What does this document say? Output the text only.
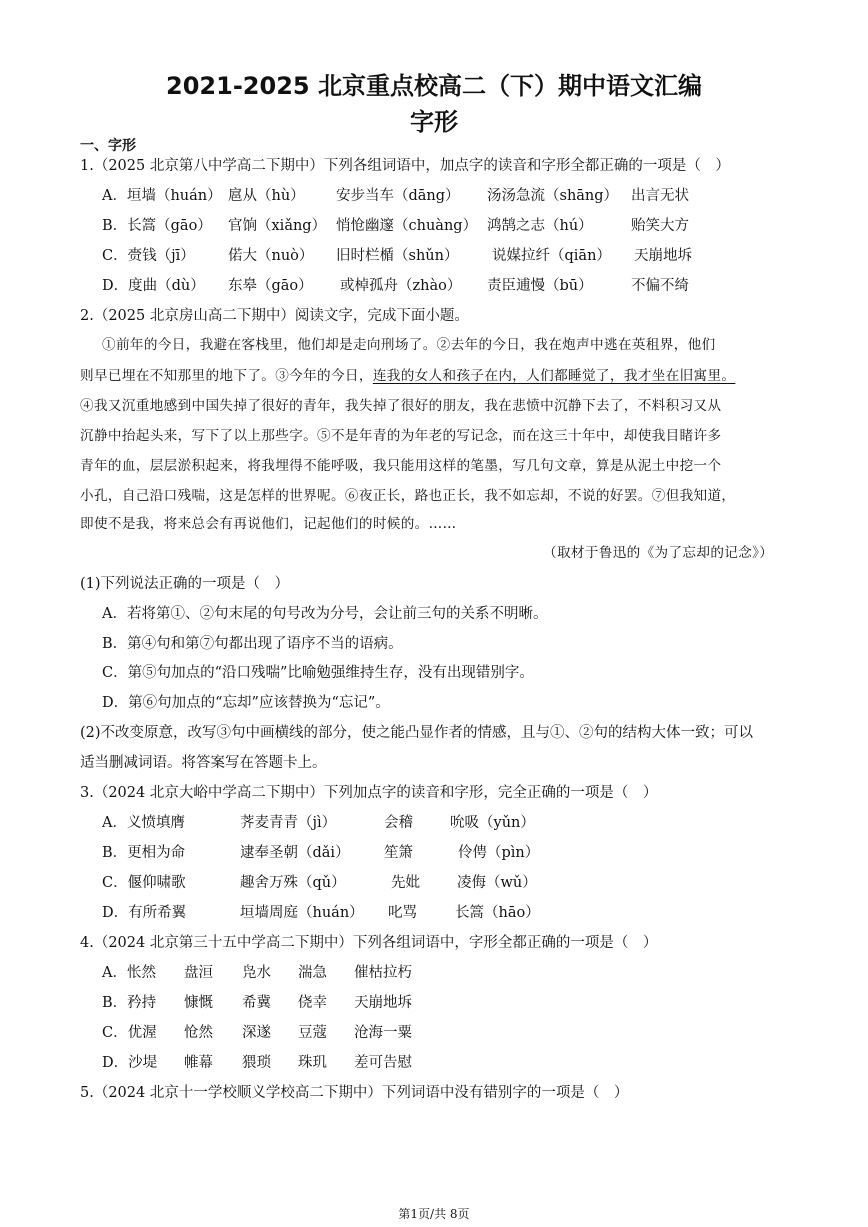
2021-2025 北京重点校高二（下）期中语文汇编
字形
一、字形
1.（2025 北京第八中学高二下期中）下列各组词语中，加点字的读音和字形全都正确的一项是（　）
A．垣墙（huán） 扈从（hù） 安步当车（dāng） 汤汤急流（shāng） 出言无状
B．长篙（gāo） 官饷（xiǎng） 悄怆幽邃（chuàng） 鸿鹄之志（hú）	贻笑大方
C．赍钱（jī） 偌大（nuò） 旧时栏楯（shǔn） 说媒拉纤（qiān） 天崩地坼
D．度曲（dù） 东皋（gāo） 或棹孤舟（zhào） 责臣逋慢（bū）	不偏不绮
2.（2025 北京房山高二下期中）阅读文字，完成下面小题。
①前年的今日，我避在客栈里，他们却是走向刑场了。②去年的今日，我在炮声中逃在英租界，他们
则早已埋在不知那里的地下了。③今年的今日，连我的女人和孩子在内，人们都睡觉了，我才坐在旧寓里。
④我又沉重地感到中国失掉了很好的青年，我失掉了很好的朋友，我在悲愤中沉静下去了，不料积习又从
沉静中抬起头来，写下了以上那些字。⑤不是年青的为年老的写记念，而在这三十年中，却使我目睹许多
青年的血，层层淤积起来，将我埋得不能呼吸，我只能用这样的笔墨，写几句文章，算是从泥土中挖一个
小孔，自己沿口残喘，这是怎样的世界呢。⑥夜正长，路也正长，我不如忘却，不说的好罢。⑦但我知道，
即使不是我，将来总会有再说他们，记起他们的时候的。……
（取材于鲁迅的《为了忘却的记念》）
(1)下列说法正确的一项是（　）
A．若将第①、②句末尾的句号改为分号，会让前三句的关系不明晰。
B．第④句和第⑦句都出现了语序不当的语病。
C．第⑤句加点的“沿口残喘”比喻勉强维持生存，没有出现错别字。
D．第⑥句加点的“忘却”应该替换为“忘记”。
(2)不改变原意，改写③句中画横线的部分，使之能凸显作者的情感，且与①、②句的结构大体一致；可以
适当删减词语。将答案写在答题卡上。
3.（2024 北京大峪中学高二下期中）下列加点字的读音和字形，完全正确的一项是（　）
A．义愤填膺	荠麦青青（jì）	会稽	吮吸（yǔn）
B．更相为命	逮奉圣朝（dǎi） 笙箫	伶俜（pìn）
C．偃仰啸歌	趣舍万殊（qǔ）	先妣	凌侮（wǔ）
D．有所希翼	垣墙周庭（huán） 叱骂	长篙（hāo）
4.（2024 北京第三十五中学高二下期中）下列各组词语中，字形全都正确的一项是（　）
A．怅然 盘洹 凫水 湍急 催枯拉朽
B．矜持 慷慨 希冀 侥幸 天崩地坼
C．优渥 怆然 深遂 豆蔻 沧海一粟
D．沙堤 帷幕 猥琐 珠玑 差可告慰
5.（2024 北京十一学校顺义学校高二下期中）下列词语中没有错别字的一项是（　）
第1页/共 8页
